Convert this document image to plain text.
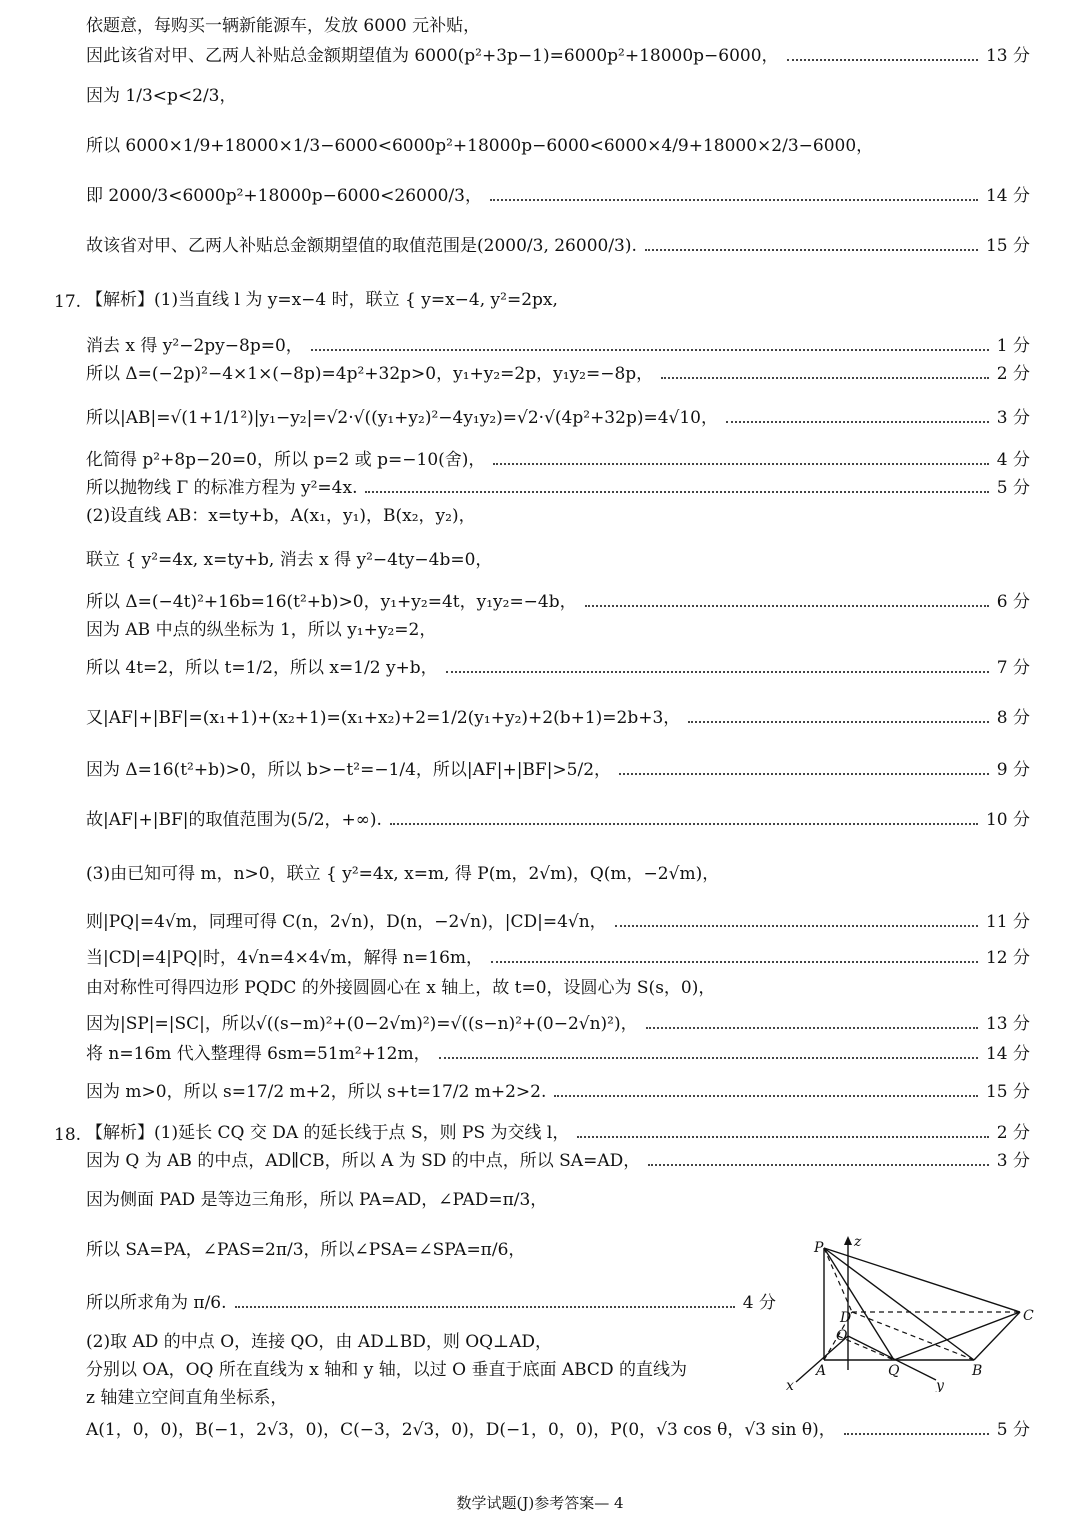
17.
18.
依题意，每购买一辆新能源车，发放 6000 元补贴，
因此该省对甲、乙两人补贴总金额期望值为 6000(p²+3p−1)=6000p²+18000p−6000，	13 分
因为 1/3<p<2/3，
所以 6000×1/9+18000×1/3−6000<6000p²+18000p−6000<6000×4/9+18000×2/3−6000，
即 2000/3<6000p²+18000p−6000<26000/3，	14 分
故该省对甲、乙两人补贴总金额期望值的取值范围是(2000/3, 26000/3).	15 分
【解析】(1)当直线 l 为 y=x−4 时，联立 { y=x−4, y²=2px,
消去 x 得 y²−2py−8p=0，	1 分
所以 Δ=(−2p)²−4×1×(−8p)=4p²+32p>0，y₁+y₂=2p，y₁y₂=−8p，	2 分
所以|AB|=√(1+1/1²)|y₁−y₂|=√2·√((y₁+y₂)²−4y₁y₂)=√2·√(4p²+32p)=4√10，	3 分
化简得 p²+8p−20=0，所以 p=2 或 p=−10(舍)，	4 分
所以抛物线 Γ 的标准方程为 y²=4x.	5 分
(2)设直线 AB：x=ty+b，A(x₁，y₁)，B(x₂，y₂)，
联立 { y²=4x, x=ty+b, 消去 x 得 y²−4ty−4b=0，
所以 Δ=(−4t)²+16b=16(t²+b)>0，y₁+y₂=4t，y₁y₂=−4b，	6 分
因为 AB 中点的纵坐标为 1，所以 y₁+y₂=2，
所以 4t=2，所以 t=1/2，所以 x=1/2 y+b，	7 分
又|AF|+|BF|=(x₁+1)+(x₂+1)=(x₁+x₂)+2=1/2(y₁+y₂)+2(b+1)=2b+3，	8 分
因为 Δ=16(t²+b)>0，所以 b>−t²=−1/4，所以|AF|+|BF|>5/2，	9 分
故|AF|+|BF|的取值范围为(5/2，+∞).	10 分
(3)由已知可得 m，n>0，联立 { y²=4x, x=m, 得 P(m，2√m)，Q(m，−2√m)，
则|PQ|=4√m，同理可得 C(n，2√n)，D(n，−2√n)，|CD|=4√n，	11 分
当|CD|=4|PQ|时，4√n=4×4√m，解得 n=16m，	12 分
由对称性可得四边形 PQDC 的外接圆圆心在 x 轴上，故 t=0，设圆心为 S(s，0)，
因为|SP|=|SC|，所以√((s−m)²+(0−2√m)²)=√((s−n)²+(0−2√n)²)，	13 分
将 n=16m 代入整理得 6sm=51m²+12m，	14 分
因为 m>0，所以 s=17/2 m+2，所以 s+t=17/2 m+2>2.	15 分
【解析】(1)延长 CQ 交 DA 的延长线于点 S，则 PS 为交线 l，	2 分
因为 Q 为 AB 的中点，AD∥CB，所以 A 为 SD 的中点，所以 SA=AD，	3 分
因为侧面 PAD 是等边三角形，所以 PA=AD，∠PAD=π/3，
所以 SA=PA，∠PAS=2π/3，所以∠PSA=∠SPA=π/6，
所以所求角为 π/6.	4 分
(2)取 AD 的中点 O，连接 QO，由 AD⊥BD，则 OQ⊥AD，
分别以 OA，OQ 所在直线为 x 轴和 y 轴，以过 O 垂直于底面 ABCD 的直线为
z 轴建立空间直角坐标系，
A(1，0，0)，B(−1，2√3，0)，C(−3，2√3，0)，D(−1，0，0)，P(0，√3 cos θ，√3 sin θ)，	5 分
P z
C
D
O
A	Q	B
x	y
数学试题(J)参考答案— 4
